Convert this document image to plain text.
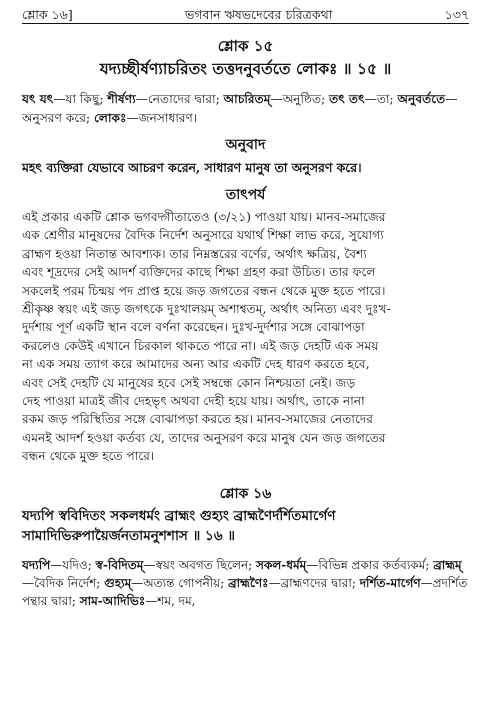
শ্লোক ১৬]	ভগবান ঋষভদেবের চরিত্রকথা	১৩৭
শ্লোক ১৫
যদ্যচ্ছীর্ষণ্যাচরিতং তত্তদনুবর্ততে লোকঃ ॥ ১৫ ॥
যৎ যৎ—যা কিছু; শীর্ষণ্য—নেতাদের দ্বারা; আচরিতম্—অনুষ্ঠিত; তৎ তৎ—তা; অনুবর্ততে—অনুসরণ করে; লোকঃ—জনসাধারণ।
অনুবাদ
মহৎ ব্যক্তিরা যেভাবে আচরণ করেন, সাধারণ মানুষ তা অনুসরণ করে।
তাৎপর্য
এই প্রকার একটি শ্লোক ভগবদ্গীতাতেও (৩/২১) পাওয়া যায়। মানব-সমাজের
এক শ্রেণীর মানুষদের বৈদিক নির্দেশ অনুসারে যথার্থ শিক্ষা লাভ করে, সুযোগ্য
ব্রাহ্মণ হওয়া নিতান্ত আবশ্যক। তার নিম্নস্তরের বর্ণের, অর্থাৎ ক্ষত্রিয়, বৈশ্য
এবং শূদ্রদের সেই আদর্শ ব্যক্তিদের কাছে শিক্ষা গ্রহণ করা উচিত। তার ফলে
সকলেই পরম চিন্ময় পদ প্রাপ্ত হয়ে জড় জগতের বন্ধন থেকে মুক্ত হতে পারে।
শ্রীকৃষ্ণ স্বয়ং এই জড় জগৎকে দুঃখালয়ম্ অশাশ্বতম্, অর্থাৎ অনিত্য এবং দুঃখ-
দুর্দশায় পূর্ণ একটি স্থান বলে বর্ণনা করেছেন। দুঃখ-দুর্দশার সঙ্গে বোঝাপড়া
করলেও কেউই এখানে চিরকাল থাকতে পারে না। এই জড় দেহটি এক সময়
না এক সময় ত্যাগ করে আমাদের অন্য আর একটি দেহ ধারণ করতে হবে,
এবং সেই দেহটি যে মানুষের হবে সেই সম্বন্ধে কোন নিশ্চয়তা নেই। জড়
দেহ পাওয়া মাত্রই জীব দেহভৃৎ অথবা দেহী হয়ে যায়। অর্থাৎ, তাকে নানা
রকম জড় পরিস্থিতির সঙ্গে বোঝাপড়া করতে হয়। মানব-সমাজের নেতাদের
এমনই আদর্শ হওয়া কর্তব্য যে, তাদের অনুসরণ করে মানুষ যেন জড় জগতের
বন্ধন থেকে মুক্ত হতে পারে।
শ্লোক ১৬
যদ্যপি স্ববিদিতং সকলধর্মং ব্রাহ্মং গুহ্যং ব্রাহ্মণৈর্দর্শিতমার্গেণ
সামাদিভিরুপায়ৈর্জনতামনুশশাস ॥ ১৬ ॥
যদ্যপি—যদিও; স্ব-বিদিতম্—স্বয়ং অবগত ছিলেন; সকল-ধর্মম্—বিভিন্ন প্রকার কর্তব্যকর্ম; ব্রাহ্মম্—বৈদিক নির্দেশ; গুহ্যম্—অত্যন্ত গোপনীয়; ব্রাহ্মণৈঃ—ব্রাহ্মণদের দ্বারা; দর্শিত-মার্গেণ—প্রদর্শিত পন্থার দ্বারা; সাম-আদিভিঃ—শম, দম,
